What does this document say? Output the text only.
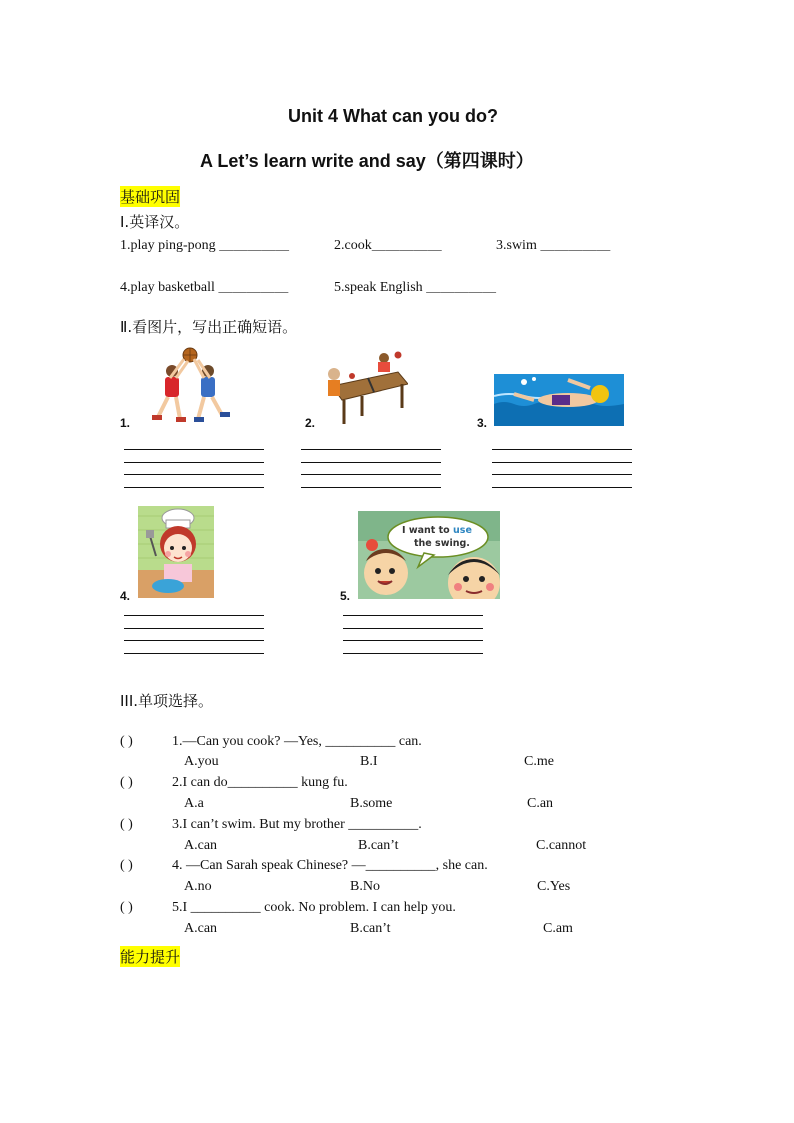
Unit 4 What can you do?
A Let’s learn write and say（第四课时）
基础巩固
Ⅰ.英译汉。
1.play ping-pong ＿＿＿＿＿	2.cook＿＿＿＿＿	3.swim ＿＿＿＿＿
4.play basketball ＿＿＿＿＿	5.speak English ＿＿＿＿＿
Ⅱ.看图片，写出正确短语。
1.	2.	3.
4.
I want to use
the swing.
5.
III.单项选择。
( )	1.—Can you cook? —Yes, __________ can.
A.you	B.I	C.me
( )	2.I can do__________ kung fu.
A.a	B.some	C.an
( )	3.I can’t swim. But my brother __________.
A.can	B.can’t	C.cannot
( )	4. —Can Sarah speak Chinese? —__________, she can.
A.no	B.No	C.Yes
( )	5.I __________ cook. No problem. I can help you.
A.can	B.can’t	C.am
能力提升
